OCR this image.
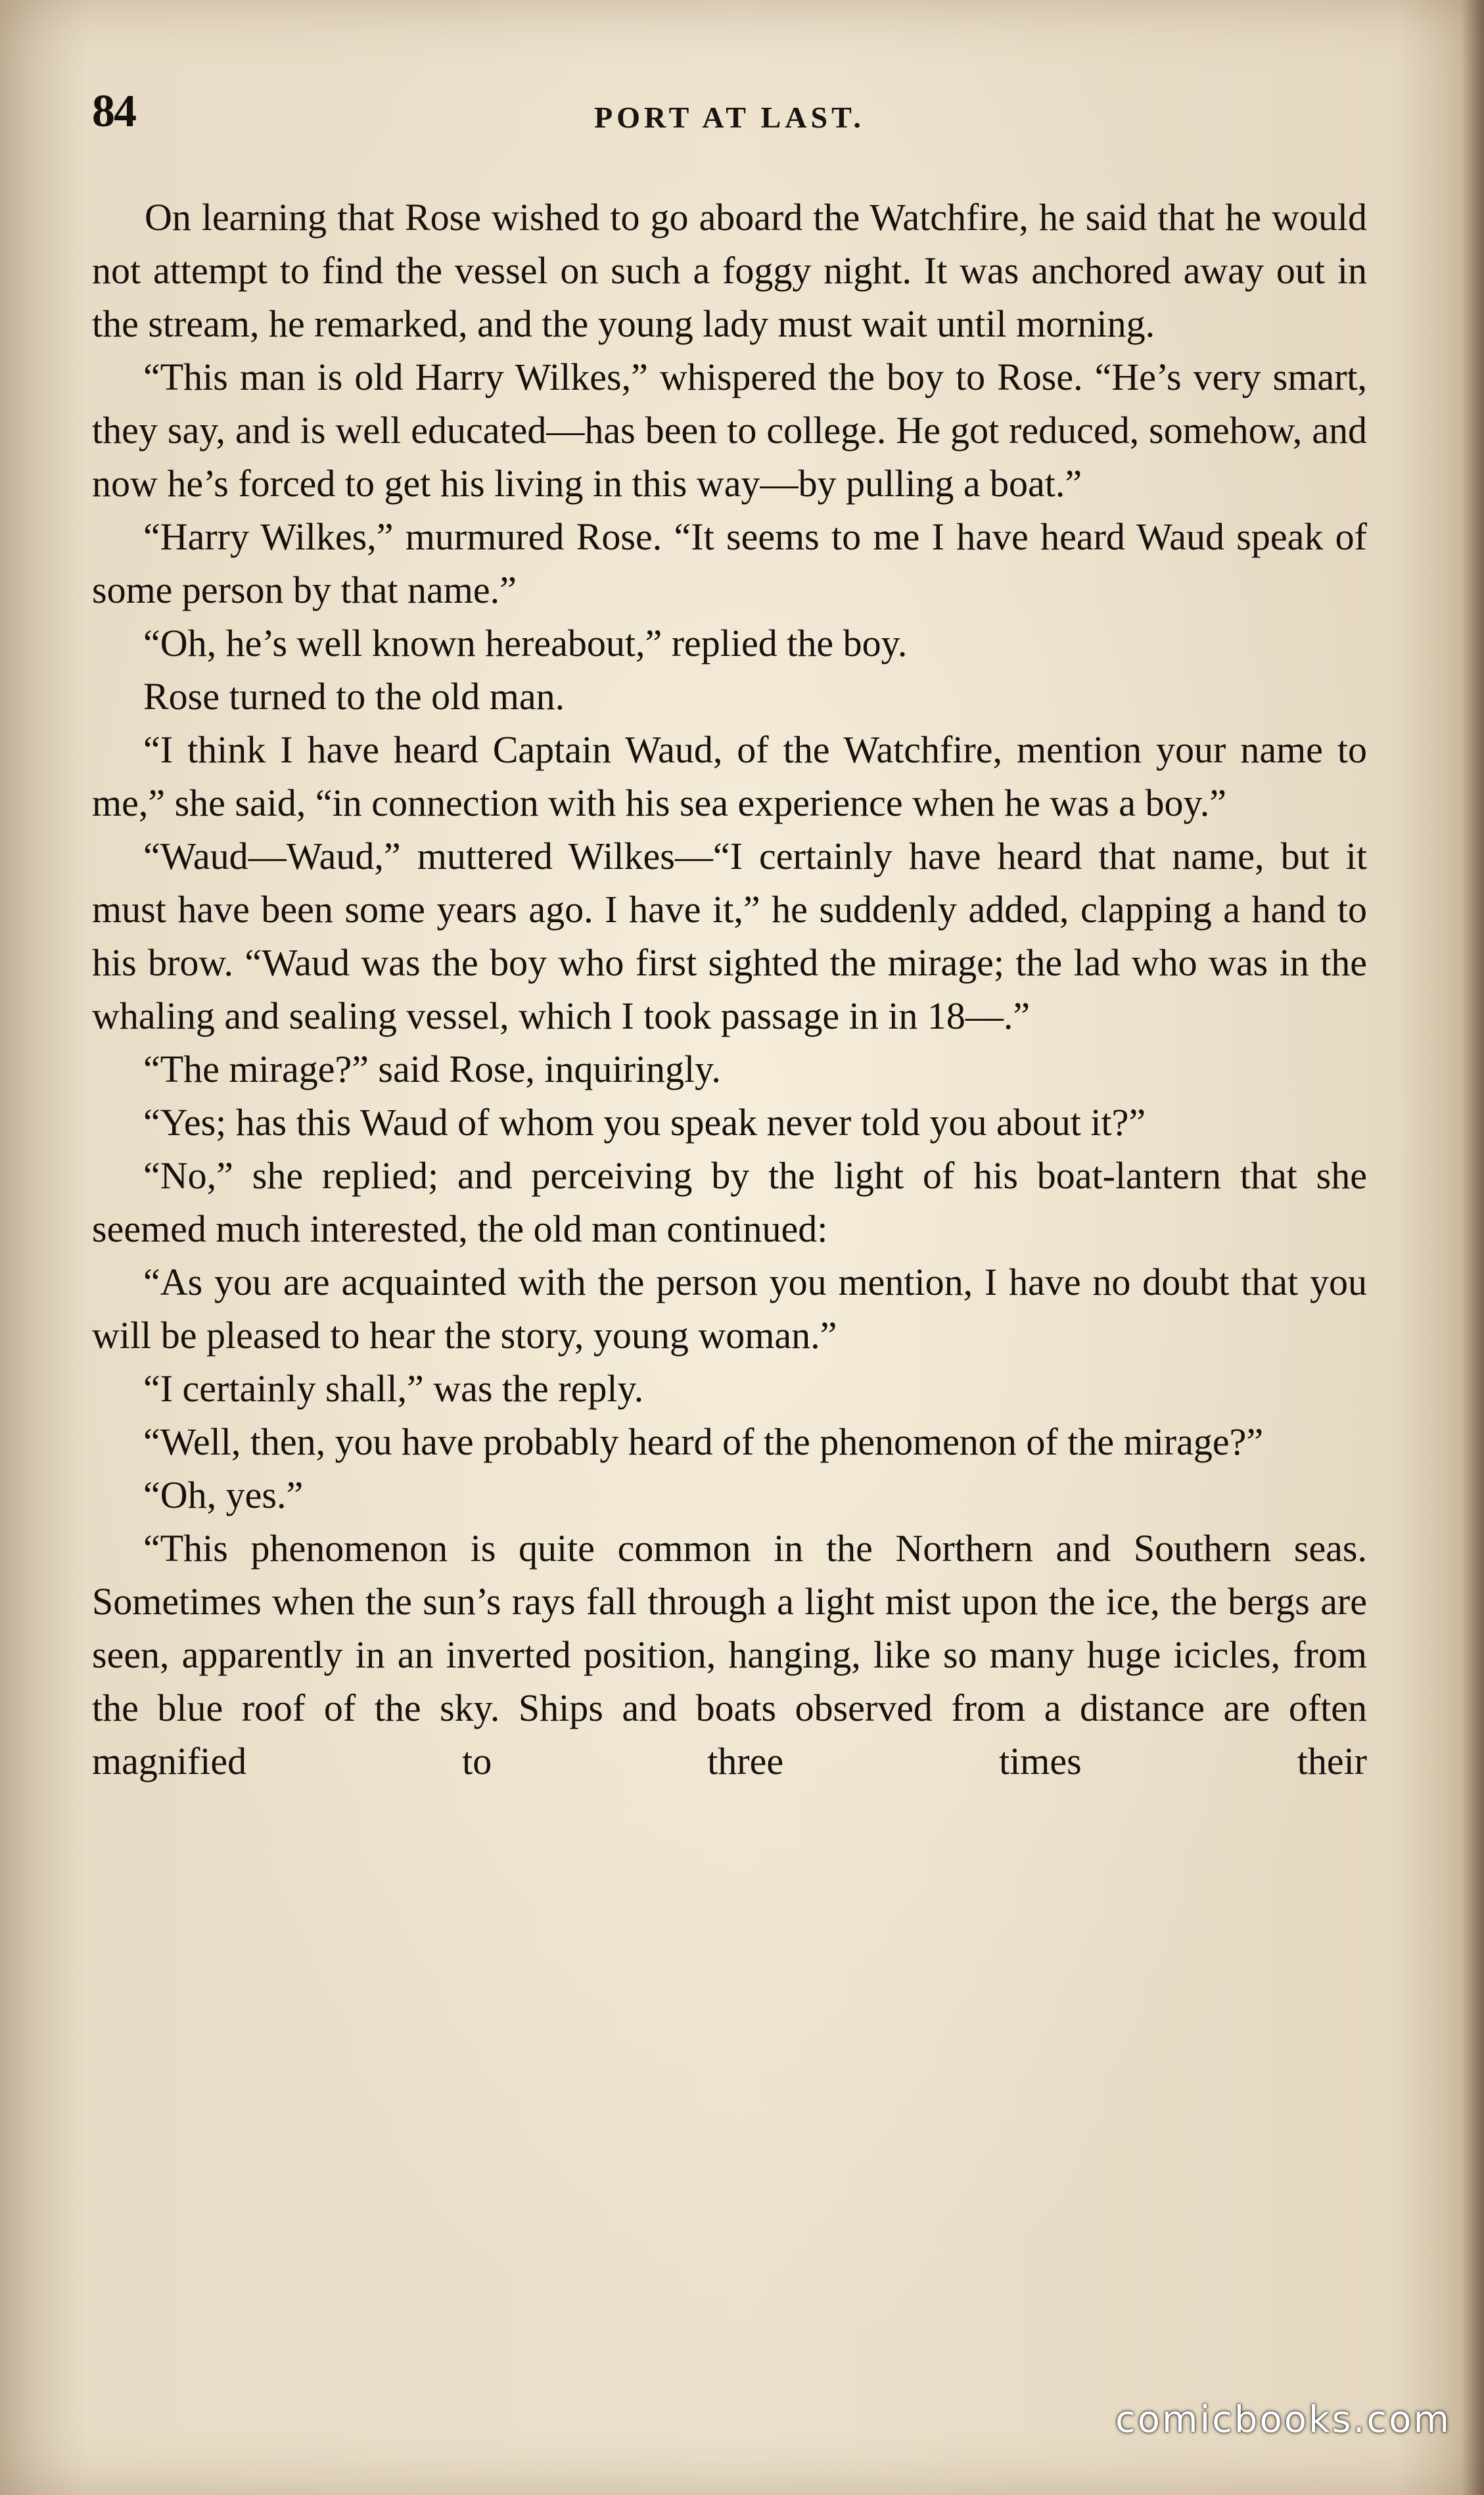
84	PORT AT LAST.

On learning that Rose wished to go aboard the Watchfire, he said that he would not attempt to find the vessel on such a foggy night. It was anchored away out in the stream, he remarked, and the young lady must wait until morning.

“This man is old Harry Wilkes,” whispered the boy to Rose. “He’s very smart, they say, and is well educated—has been to college. He got reduced, somehow, and now he’s forced to get his living in this way—by pulling a boat.”

“Harry Wilkes,” murmured Rose. “It seems to me I have heard Waud speak of some person by that name.”

“Oh, he’s well known hereabout,” replied the boy.

Rose turned to the old man.

“I think I have heard Captain Waud, of the Watchfire, mention your name to me,” she said, “in connection with his sea experience when he was a boy.”

“Waud—Waud,” muttered Wilkes—“I certainly have heard that name, but it must have been some years ago. I have it,” he suddenly added, clapping a hand to his brow. “Waud was the boy who first sighted the mirage; the lad who was in the whaling and sealing vessel, which I took passage in in 18—.”

“The mirage?” said Rose, inquiringly.

“Yes; has this Waud of whom you speak never told you about it?”

“No,” she replied; and perceiving by the light of his boat-lantern that she seemed much interested, the old man continued:

“As you are acquainted with the person you mention, I have no doubt that you will be pleased to hear the story, young woman.”

“I certainly shall,” was the reply.

“Well, then, you have probably heard of the phenomenon of the mirage?”

“Oh, yes.”

“This phenomenon is quite common in the Northern and Southern seas. Sometimes when the sun’s rays fall through a light mist upon the ice, the bergs are seen, apparently in an inverted position, hanging, like so many huge icicles, from the blue roof of the sky. Ships and boats observed from a distance are often magnified to three times their

comicbooks.com
